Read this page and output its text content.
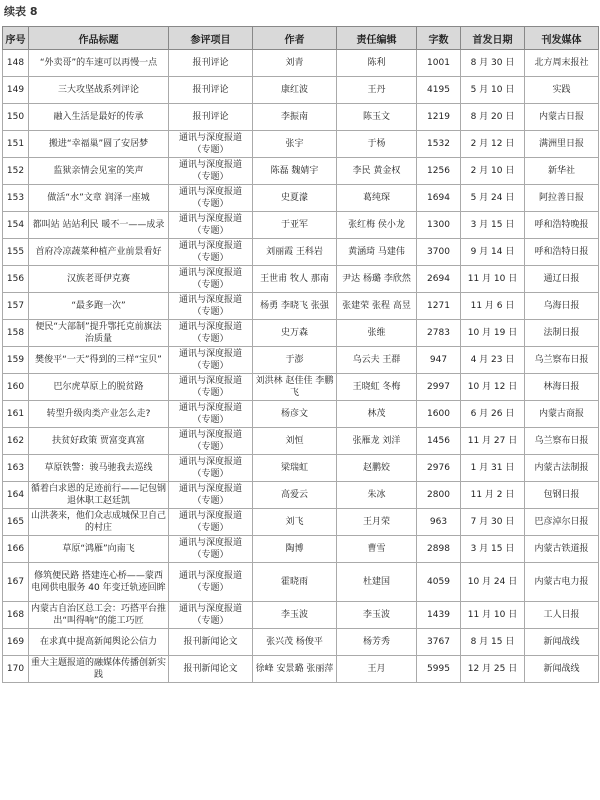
续表 8
序号	作品标题	参评项目	作者	责任编辑	字数	首发日期	刊发媒体
148	“外卖哥”的车速可以再慢一点	报刊评论	刘青	陈利	1001	8 月 30 日	北方周末报社
149	三大攻坚战系列评论	报刊评论	康红波	王丹	4195	5 月 10 日	实践
150	融入生活是最好的传承	报刊评论	李振南	陈玉文	1219	8 月 20 日	内蒙古日报
151	搬进“幸福巢”圆了安居梦	通讯与深度报道（专题）	张宇	于杨	1532	2 月 12 日	满洲里日报
152	监狱亲情会见室的笑声	通讯与深度报道（专题）	陈磊 魏婧宇	李民 黄金权	1256	2 月 10 日	新华社
153	做活“水”文章 润泽一座城	通讯与深度报道（专题）	史夏濛	葛纯琛	1694	5 月 24 日	阿拉善日报
154	都叫站 站站利民 暖不一——成录	通讯与深度报道（专题）	于亚军	张红梅 侯小龙	1300	3 月 15 日	呼和浩特晚报
155	首府冷凉蔬菜种植产业前景看好	通讯与深度报道（专题）	刘丽霞 王科岩	黄涵琦 马建伟	3700	9 月 14 日	呼和浩特日报
156	汉族老哥伊克赛	通讯与深度报道（专题）	王世甫 牧人 那南	尹达 杨璐 李欣然	2694	11 月 10 日	通辽日报
157	“最多跑一次”	通讯与深度报道（专题）	杨勇 李晓飞 张强	张建荣 张程 高昱	1271	11 月 6 日	乌海日报
158	便民“大部制”提升鄂托克前旗法治质量	通讯与深度报道（专题）	史万森	张维	2783	10 月 19 日	法制日报
159	樊俊平“一天”得到的三样“宝贝”	通讯与深度报道（专题）	于澎	乌云夫 王群	947	4 月 23 日	乌兰察布日报
160	巴尔虎草原上的脱贫路	通讯与深度报道（专题）	刘洪林 赵佳佳 李鹏飞	王晓虹 冬梅	2997	10 月 12 日	林海日报
161	转型升级肉类产业怎么走?	通讯与深度报道（专题）	杨彦文	林茂	1600	6 月 26 日	内蒙古商报
162	扶贫好政策 贾富变真富	通讯与深度报道（专题）	刘恒	张雁龙 刘洋	1456	11 月 27 日	乌兰察布日报
163	草原铁警：骏马驰我去巡线	通讯与深度报道（专题）	梁瑞虹	赵鹏姣	2976	1 月 31 日	内蒙古法制报
164	循着白求恩的足迹前行——记包钢退休职工赵廷凯	通讯与深度报道（专题）	高爱云	朱冰	2800	11 月 2 日	包钢日报
165	山洪袭来，他们众志成城保卫自己的村庄	通讯与深度报道（专题）	刘飞	王月荣	963	7 月 30 日	巴彦淖尔日报
166	草原“鸿雁”向南飞	通讯与深度报道（专题）	陶博	曹雪	2898	3 月 15 日	内蒙古铁道报
167	修筑便民路 搭建连心桥——蒙西电网供电服务 40 年变迁轨迹回眸	通讯与深度报道（专题）	霍晓雨	杜建国	4059	10 月 24 日	内蒙古电力报
168	内蒙古自治区总工会：巧搭平台推出“叫得响”的能工巧匠	通讯与深度报道（专题）	李玉波	李玉波	1439	11 月 10 日	工人日报
169	在求真中提高新闻舆论公信力	报刊新闻论文	张兴茂 杨俊平	杨芳秀	3767	8 月 15 日	新闻战线
170	重大主题报道的融媒体传播创新实践	报刊新闻论文	徐峰 安景璐 张丽萍	王月	5995	12 月 25 日	新闻战线
